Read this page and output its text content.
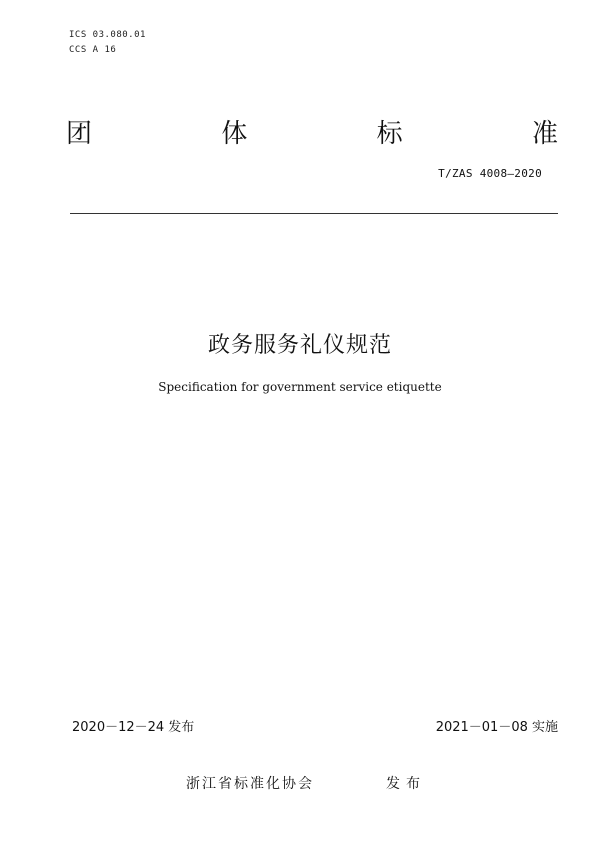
ICS 03.080.01
CCS A 16
团	体	标	准
T/ZAS 4008—2020
政务服务礼仪规范
Specification for government service etiquette
2020－12－24 发布	2021－01－08 实施
浙江省标准化协会	发布
